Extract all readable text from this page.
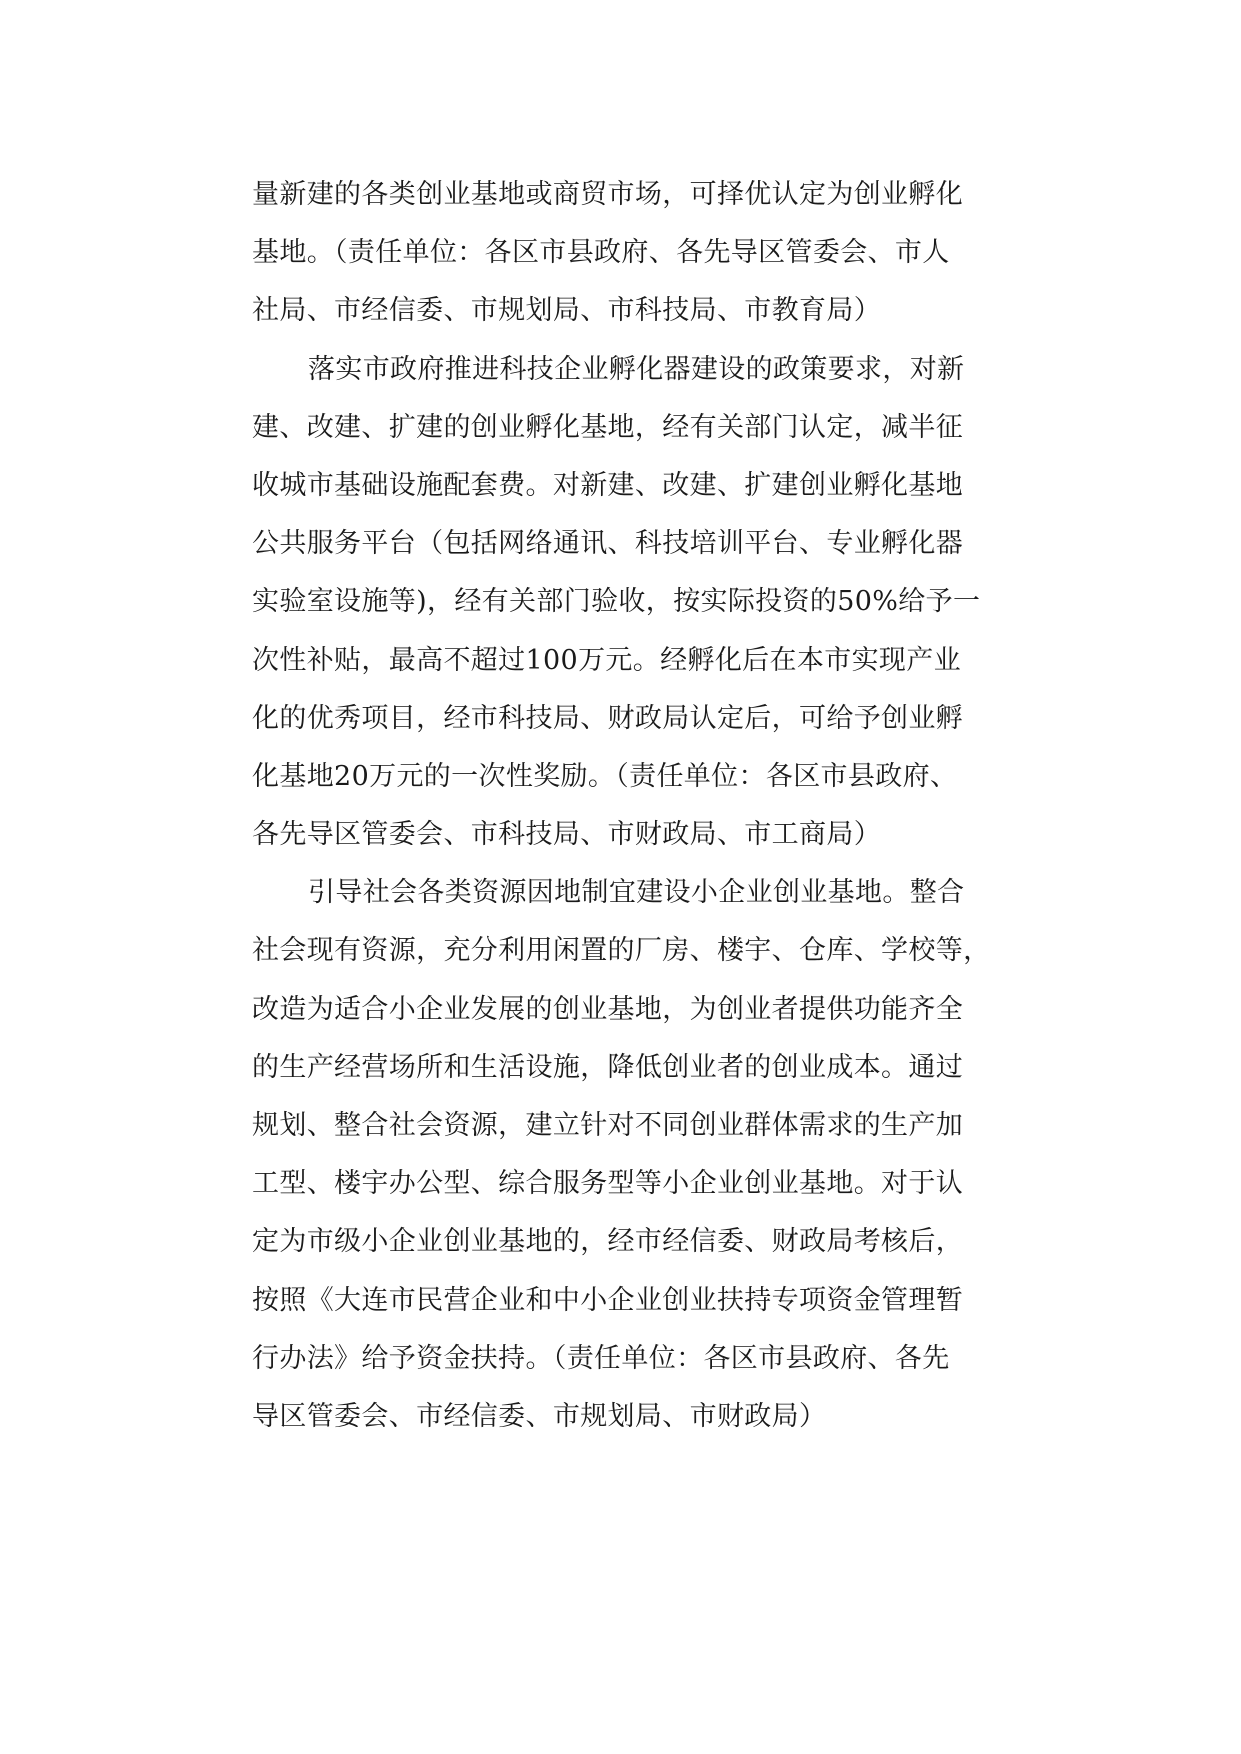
量新建的各类创业基地或商贸市场，可择优认定为创业孵化
基地。（责任单位：各区市县政府、各先导区管委会、市人
社局、市经信委、市规划局、市科技局、市教育局）
落实市政府推进科技企业孵化器建设的政策要求，对新
建、改建、扩建的创业孵化基地，经有关部门认定，减半征
收城市基础设施配套费。对新建、改建、扩建创业孵化基地
公共服务平台（包括网络通讯、科技培训平台、专业孵化器
实验室设施等)，经有关部门验收，按实际投资的50%给予一
次性补贴，最高不超过100万元。经孵化后在本市实现产业
化的优秀项目，经市科技局、财政局认定后，可给予创业孵
化基地20万元的一次性奖励。（责任单位：各区市县政府、
各先导区管委会、市科技局、市财政局、市工商局）
引导社会各类资源因地制宜建设小企业创业基地。整合
社会现有资源，充分利用闲置的厂房、楼宇、仓库、学校等，
改造为适合小企业发展的创业基地，为创业者提供功能齐全
的生产经营场所和生活设施，降低创业者的创业成本。通过
规划、整合社会资源，建立针对不同创业群体需求的生产加
工型、楼宇办公型、综合服务型等小企业创业基地。对于认
定为市级小企业创业基地的，经市经信委、财政局考核后，
按照《大连市民营企业和中小企业创业扶持专项资金管理暂
行办法》给予资金扶持。（责任单位：各区市县政府、各先
导区管委会、市经信委、市规划局、市财政局）
